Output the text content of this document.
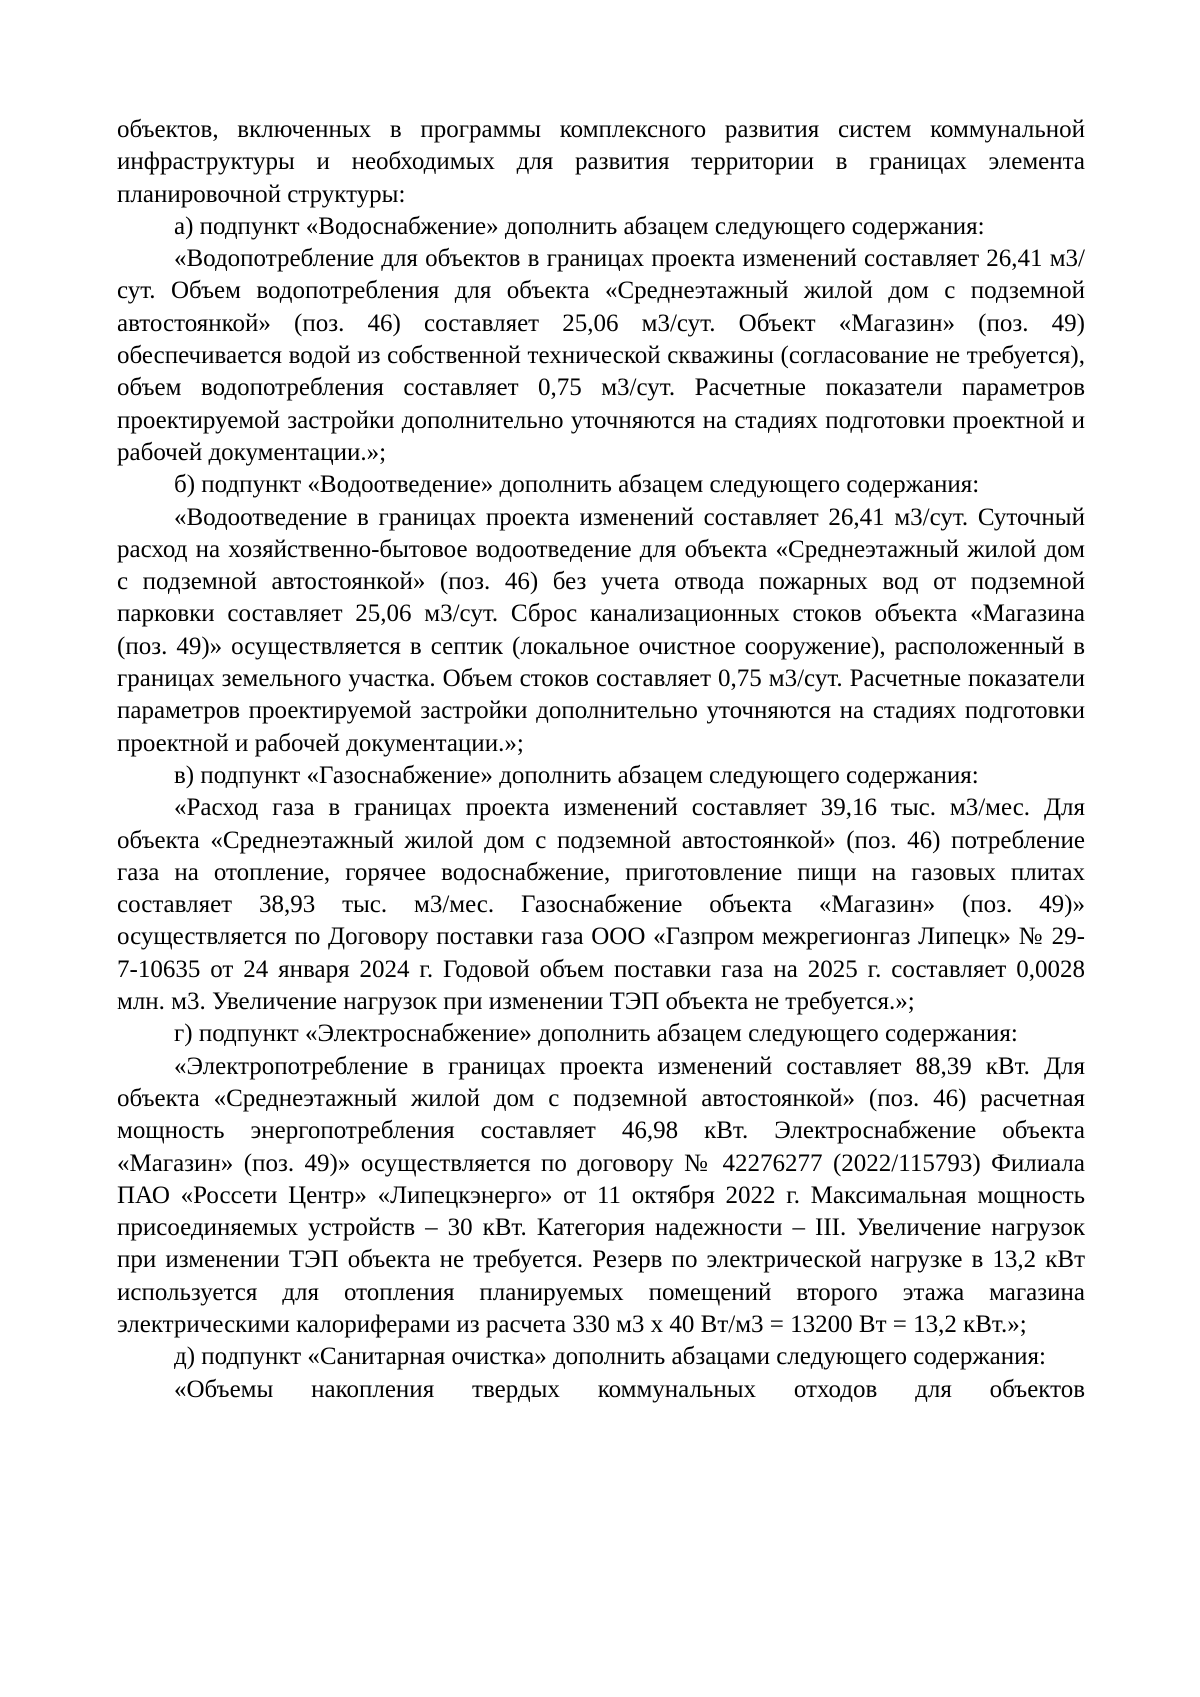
объектов, включенных в программы комплексного развития систем коммунальной инфраструктуры и необходимых для развития территории в границах элемента планировочной структуры:

а) подпункт «Водоснабжение» дополнить абзацем следующего содержания:

«Водопотребление для объектов в границах проекта изменений составляет 26,41 м3/сут. Объем водопотребления для объекта «Среднеэтажный жилой дом с подземной автостоянкой» (поз. 46) составляет 25,06 м3/сут. Объект «Магазин» (поз. 49) обеспечивается водой из собственной технической скважины (согласование не требуется), объем водопотребления составляет 0,75 м3/сут. Расчетные показатели параметров проектируемой застройки дополнительно уточняются на стадиях подготовки проектной и рабочей документации.»;

б) подпункт «Водоотведение» дополнить абзацем следующего содержания:

«Водоотведение в границах проекта изменений составляет 26,41 м3/сут. Суточный расход на хозяйственно-бытовое водоотведение для объекта «Среднеэтажный жилой дом с подземной автостоянкой» (поз. 46) без учета отвода пожарных вод от подземной парковки составляет 25,06 м3/сут. Сброс канализационных стоков объекта «Магазина (поз. 49)» осуществляется в септик (локальное очистное сооружение), расположенный в границах земельного участка. Объем стоков составляет 0,75 м3/сут. Расчетные показатели параметров проектируемой застройки дополнительно уточняются на стадиях подготовки проектной и рабочей документации.»;

в) подпункт «Газоснабжение» дополнить абзацем следующего содержания:

«Расход газа в границах проекта изменений составляет 39,16 тыс. м3/мес. Для объекта «Среднеэтажный жилой дом с подземной автостоянкой» (поз. 46) потребление газа на отопление, горячее водоснабжение, приготовление пищи на газовых плитах составляет 38,93 тыс. м3/мес. Газоснабжение объекта «Магазин» (поз. 49)» осуществляется по Договору поставки газа ООО «Газпром межрегионгаз Липецк» № 29-7-10635 от 24 января 2024 г. Годовой объем поставки газа на 2025 г. составляет 0,0028 млн. м3. Увеличение нагрузок при изменении ТЭП объекта не требуется.»;

г) подпункт «Электроснабжение» дополнить абзацем следующего содержания:

«Электропотребление в границах проекта изменений составляет 88,39 кВт. Для объекта «Среднеэтажный жилой дом с подземной автостоянкой» (поз. 46) расчетная мощность энергопотребления составляет 46,98 кВт. Электроснабжение объекта «Магазин» (поз. 49)» осуществляется по договору № 42276277 (2022/115793) Филиала ПАО «Россети Центр» «Липецкэнерго» от 11 октября 2022 г. Максимальная мощность присоединяемых устройств – 30 кВт. Категория надежности – III. Увеличение нагрузок при изменении ТЭП объекта не требуется. Резерв по электрической нагрузке в 13,2 кВт используется для отопления планируемых помещений второго этажа магазина электрическими калориферами из расчета 330 м3 х 40 Вт/м3 = 13200 Вт = 13,2 кВт.»;

д) подпункт «Санитарная очистка» дополнить абзацами следующего содержания:

«Объемы накопления твердых коммунальных отходов для объектов
